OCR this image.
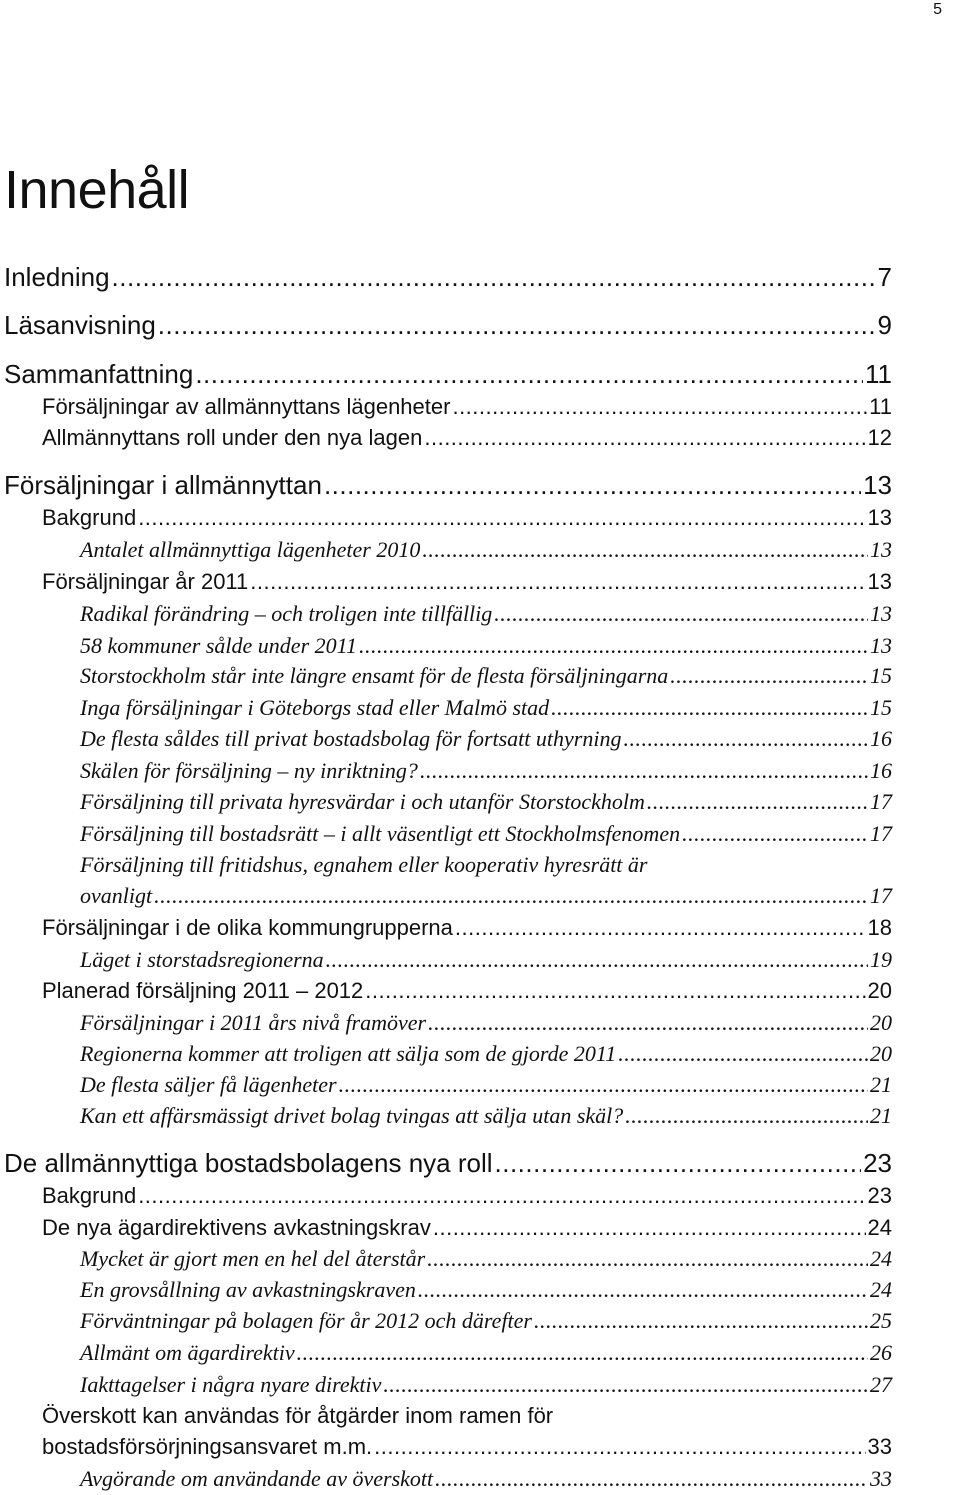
5
Innehåll
Inledning .....	7
Läsanvisning .....	9
Sammanfattning .....	11
Försäljningar av allmännyttans lägenheter .....	11
Allmännyttans roll under den nya lagen .....	12
Försäljningar i allmännyttan .....	13
Bakgrund .....	13
Antalet allmännyttiga lägenheter 2010 .....	13
Försäljningar år 2011 .....	13
Radikal förändring – och troligen inte tillfällig .....	13
58 kommuner sålde under 2011 .....	13
Storstockholm står inte längre ensamt för de flesta försäljningarna .....	15
Inga försäljningar i Göteborgs stad eller Malmö stad .....	15
De flesta såldes till privat bostadsbolag för fortsatt uthyrning .....	16
Skälen för försäljning – ny inriktning? .....	16
Försäljning till privata hyresvärdar i och utanför Storstockholm .....	17
Försäljning till bostadsrätt – i allt väsentligt ett Stockholmsfenomen .....	17
Försäljning till fritidshus, egnahem eller kooperativ hyresrätt är
ovanligt .....	17
Försäljningar i de olika kommungrupperna .....	18
Läget i storstadsregionerna .....	19
Planerad försäljning 2011 – 2012 .....	20
Försäljningar i 2011 års nivå framöver .....	20
Regionerna kommer att troligen att sälja som de gjorde 2011 .....	20
De flesta säljer få lägenheter .....	21
Kan ett affärsmässigt drivet bolag tvingas att sälja utan skäl? .....	21
De allmännyttiga bostadsbolagens nya roll .....	23
Bakgrund .....	23
De nya ägardirektivens avkastningskrav .....	24
Mycket är gjort men en hel del återstår .....	24
En grovsållning av avkastningskraven .....	24
Förväntningar på bolagen för år 2012 och därefter .....	25
Allmänt om ägardirektiv .....	26
Iakttagelser i några nyare direktiv .....	27
Överskott kan användas för åtgärder inom ramen för
bostadsförsörjningsansvaret m.m. .....	33
Avgörande om användande av överskott .....	33
